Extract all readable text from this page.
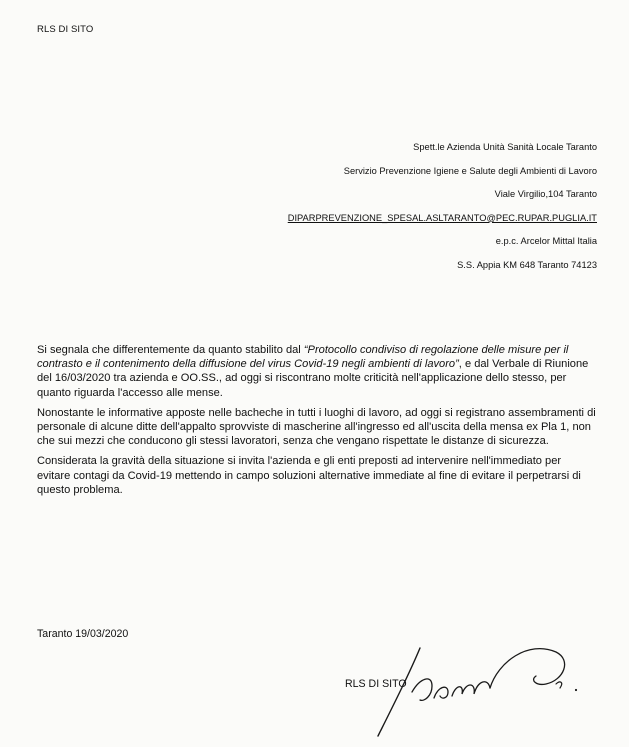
RLS DI SITO
Spett.le Azienda Unità Sanità Locale Taranto
Servizio Prevenzione Igiene e Salute degli Ambienti di Lavoro
Viale Virgilio,104 Taranto
DIPARPREVENZIONE_SPESAL.ASLTARANTO@PEC.RUPAR.PUGLIA.IT
e.p.c. Arcelor Mittal Italia
S.S. Appia KM 648 Taranto 74123

Si segnala che differentemente da quanto stabilito dal “Protocollo condiviso di regolazione delle misure per il contrasto e il contenimento della diffusione del virus Covid-19 negli ambienti di lavoro”, e dal Verbale di Riunione del 16/03/2020 tra azienda e OO.SS., ad oggi si riscontrano molte criticità nell'applicazione dello stesso, per quanto riguarda l'accesso alle mense.

Nonostante le informative apposte nelle bacheche in tutti i luoghi di lavoro, ad oggi si registrano assembramenti di personale di alcune ditte dell'appalto sprovviste di mascherine all'ingresso ed all'uscita della mensa ex Pla 1, non che sui mezzi che conducono gli stessi lavoratori, senza che vengano rispettate le distanze di sicurezza.

Considerata la gravità della situazione si invita l'azienda e gli enti preposti ad intervenire nell'immediato per evitare contagi da Covid-19 mettendo in campo soluzioni alternative immediate al fine di evitare il perpetrarsi di questo problema.

Taranto 19/03/2020
RLS DI SITO
